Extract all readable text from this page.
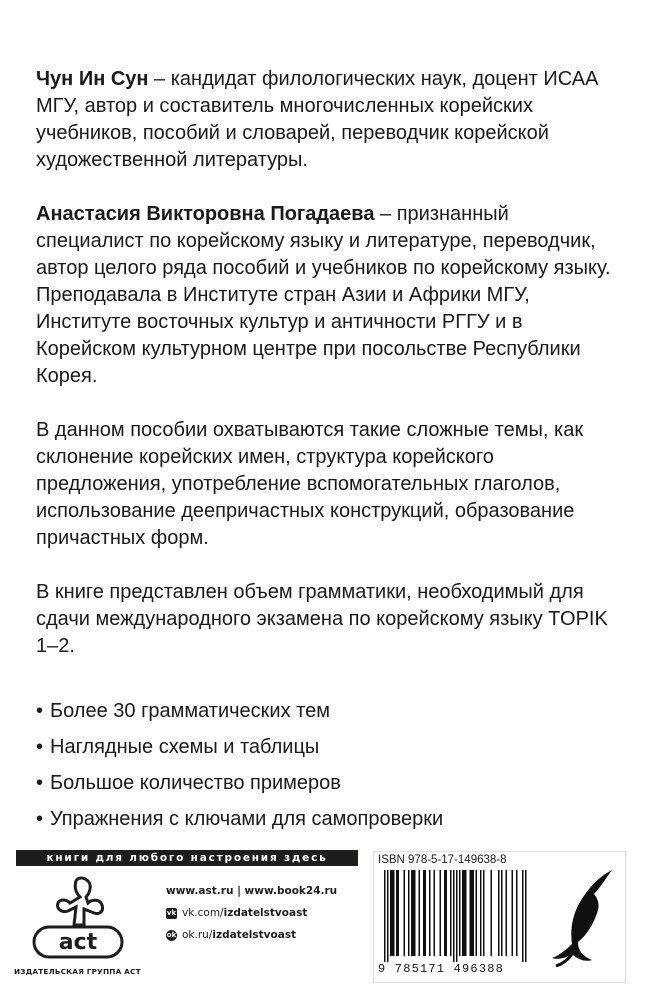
Чун Ин Сун – кандидат филологических наук, доцент ИСАА МГУ, автор и составитель многочисленных корейских учебников, пособий и словарей, переводчик корейской художественной литературы.

Анастасия Викторовна Погадаева – признанный специалист по корейскому языку и литературе, переводчик, автор целого ряда пособий и учебников по корейскому языку. Преподавала в Институте стран Азии и Африки МГУ, Институте восточных культур и античности РГГУ и в Корейском культурном центре при посольстве Республики Корея.

В данном пособии охватываются такие сложные темы, как склонение корейских имен, структура корейского предложения, употребление вспомогательных глаголов, использование деепричастных конструкций, образование причастных форм.

В книге представлен объем грамматики, необходимый для сдачи международного экзамена по корейскому языку TOPIK 1–2.

• Более 30 грамматических тем
• Наглядные схемы и таблицы
• Большое количество примеров
• Упражнения с ключами для самопроверки
книги для любого настроения здесь
act
ИЗДАТЕЛЬСКАЯ ГРУППА АСТ
www.ast.ru | www.book24.ru
vk vk.com/ izdatelstvoast
ok ok.ru/ izdatelstvoast
ISBN 978-5-17-149638-8
9 785171 496388
